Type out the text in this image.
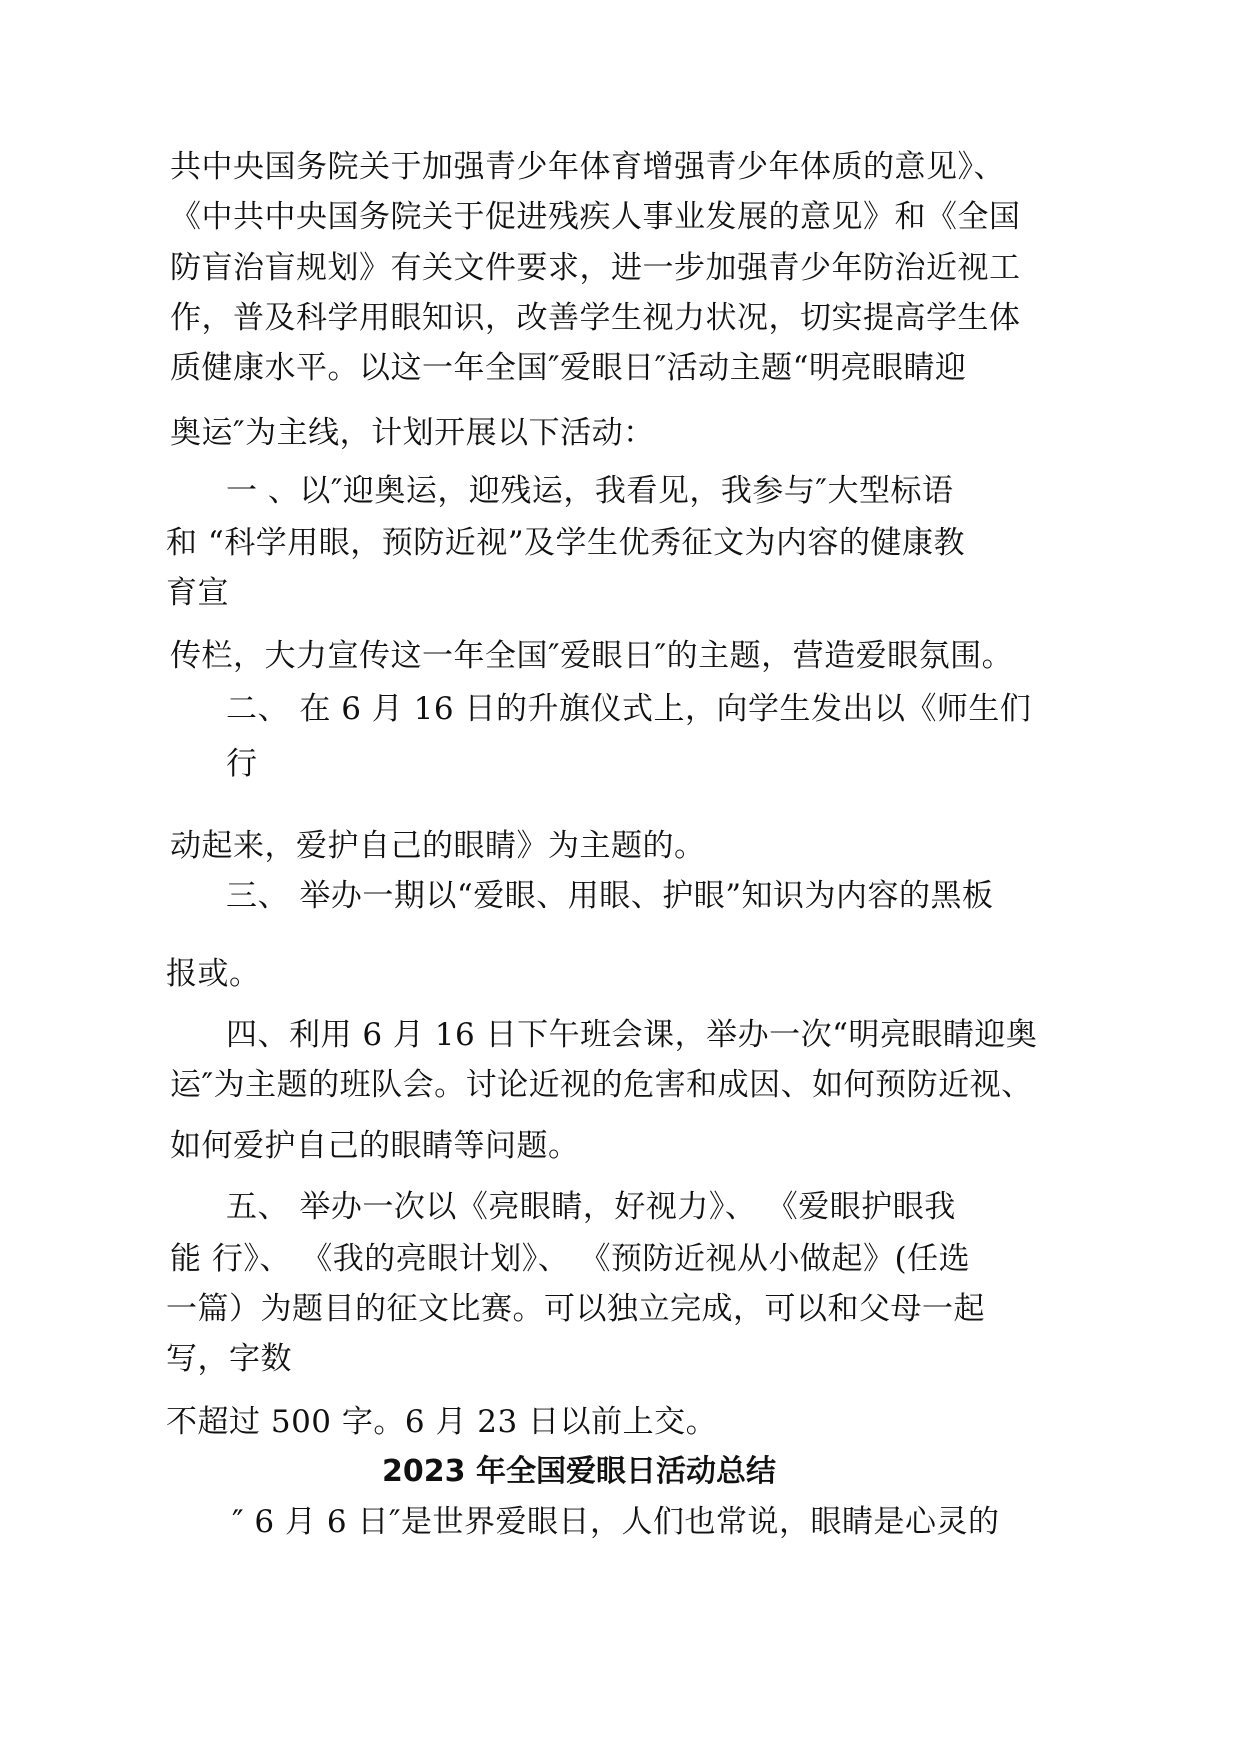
共中央国务院关于加强青少年体育增强青少年体质的意见》、
《中共中央国务院关于促进残疾人事业发展的意见》和《全国
防盲治盲规划》有关文件要求，进一步加强青少年防治近视工
作，普及科学用眼知识，改善学生视力状况，切实提高学生体
质健康水平。以这一年全国″爱眼日″活动主题“明亮眼睛迎
奥运″为主线，计划开展以下活动：
一 、以″迎奥运，迎残运，我看见，我参与″大型标语
和 “科学用眼，预防近视”及学生优秀征文为内容的健康教
育宣
传栏，大力宣传这一年全国″爱眼日″的主题，营造爱眼氛围。
二、 在 6 月 16 日的升旗仪式上，向学生发出以《师生们
行
动起来，爱护自己的眼睛》为主题的。
三、 举办一期以“爱眼、用眼、护眼”知识为内容的黑板
报或。
四、利用 6 月 16 日下午班会课，举办一次“明亮眼睛迎奥
运″为主题的班队会。讨论近视的危害和成因、如何预防近视、
如何爱护自己的眼睛等问题。
五、 举办一次以《亮眼睛，好视力》、 《爱眼护眼我
能 行》、 《我的亮眼计划》、 《预防近视从小做起》(任选
一篇）为题目的征文比赛。可以独立完成，可以和父母一起
写，字数
不超过 500 字。6 月 23 日以前上交。
2023 年全国爱眼日活动总结
″ 6 月 6 日″是世界爱眼日，人们也常说，眼睛是心灵的
